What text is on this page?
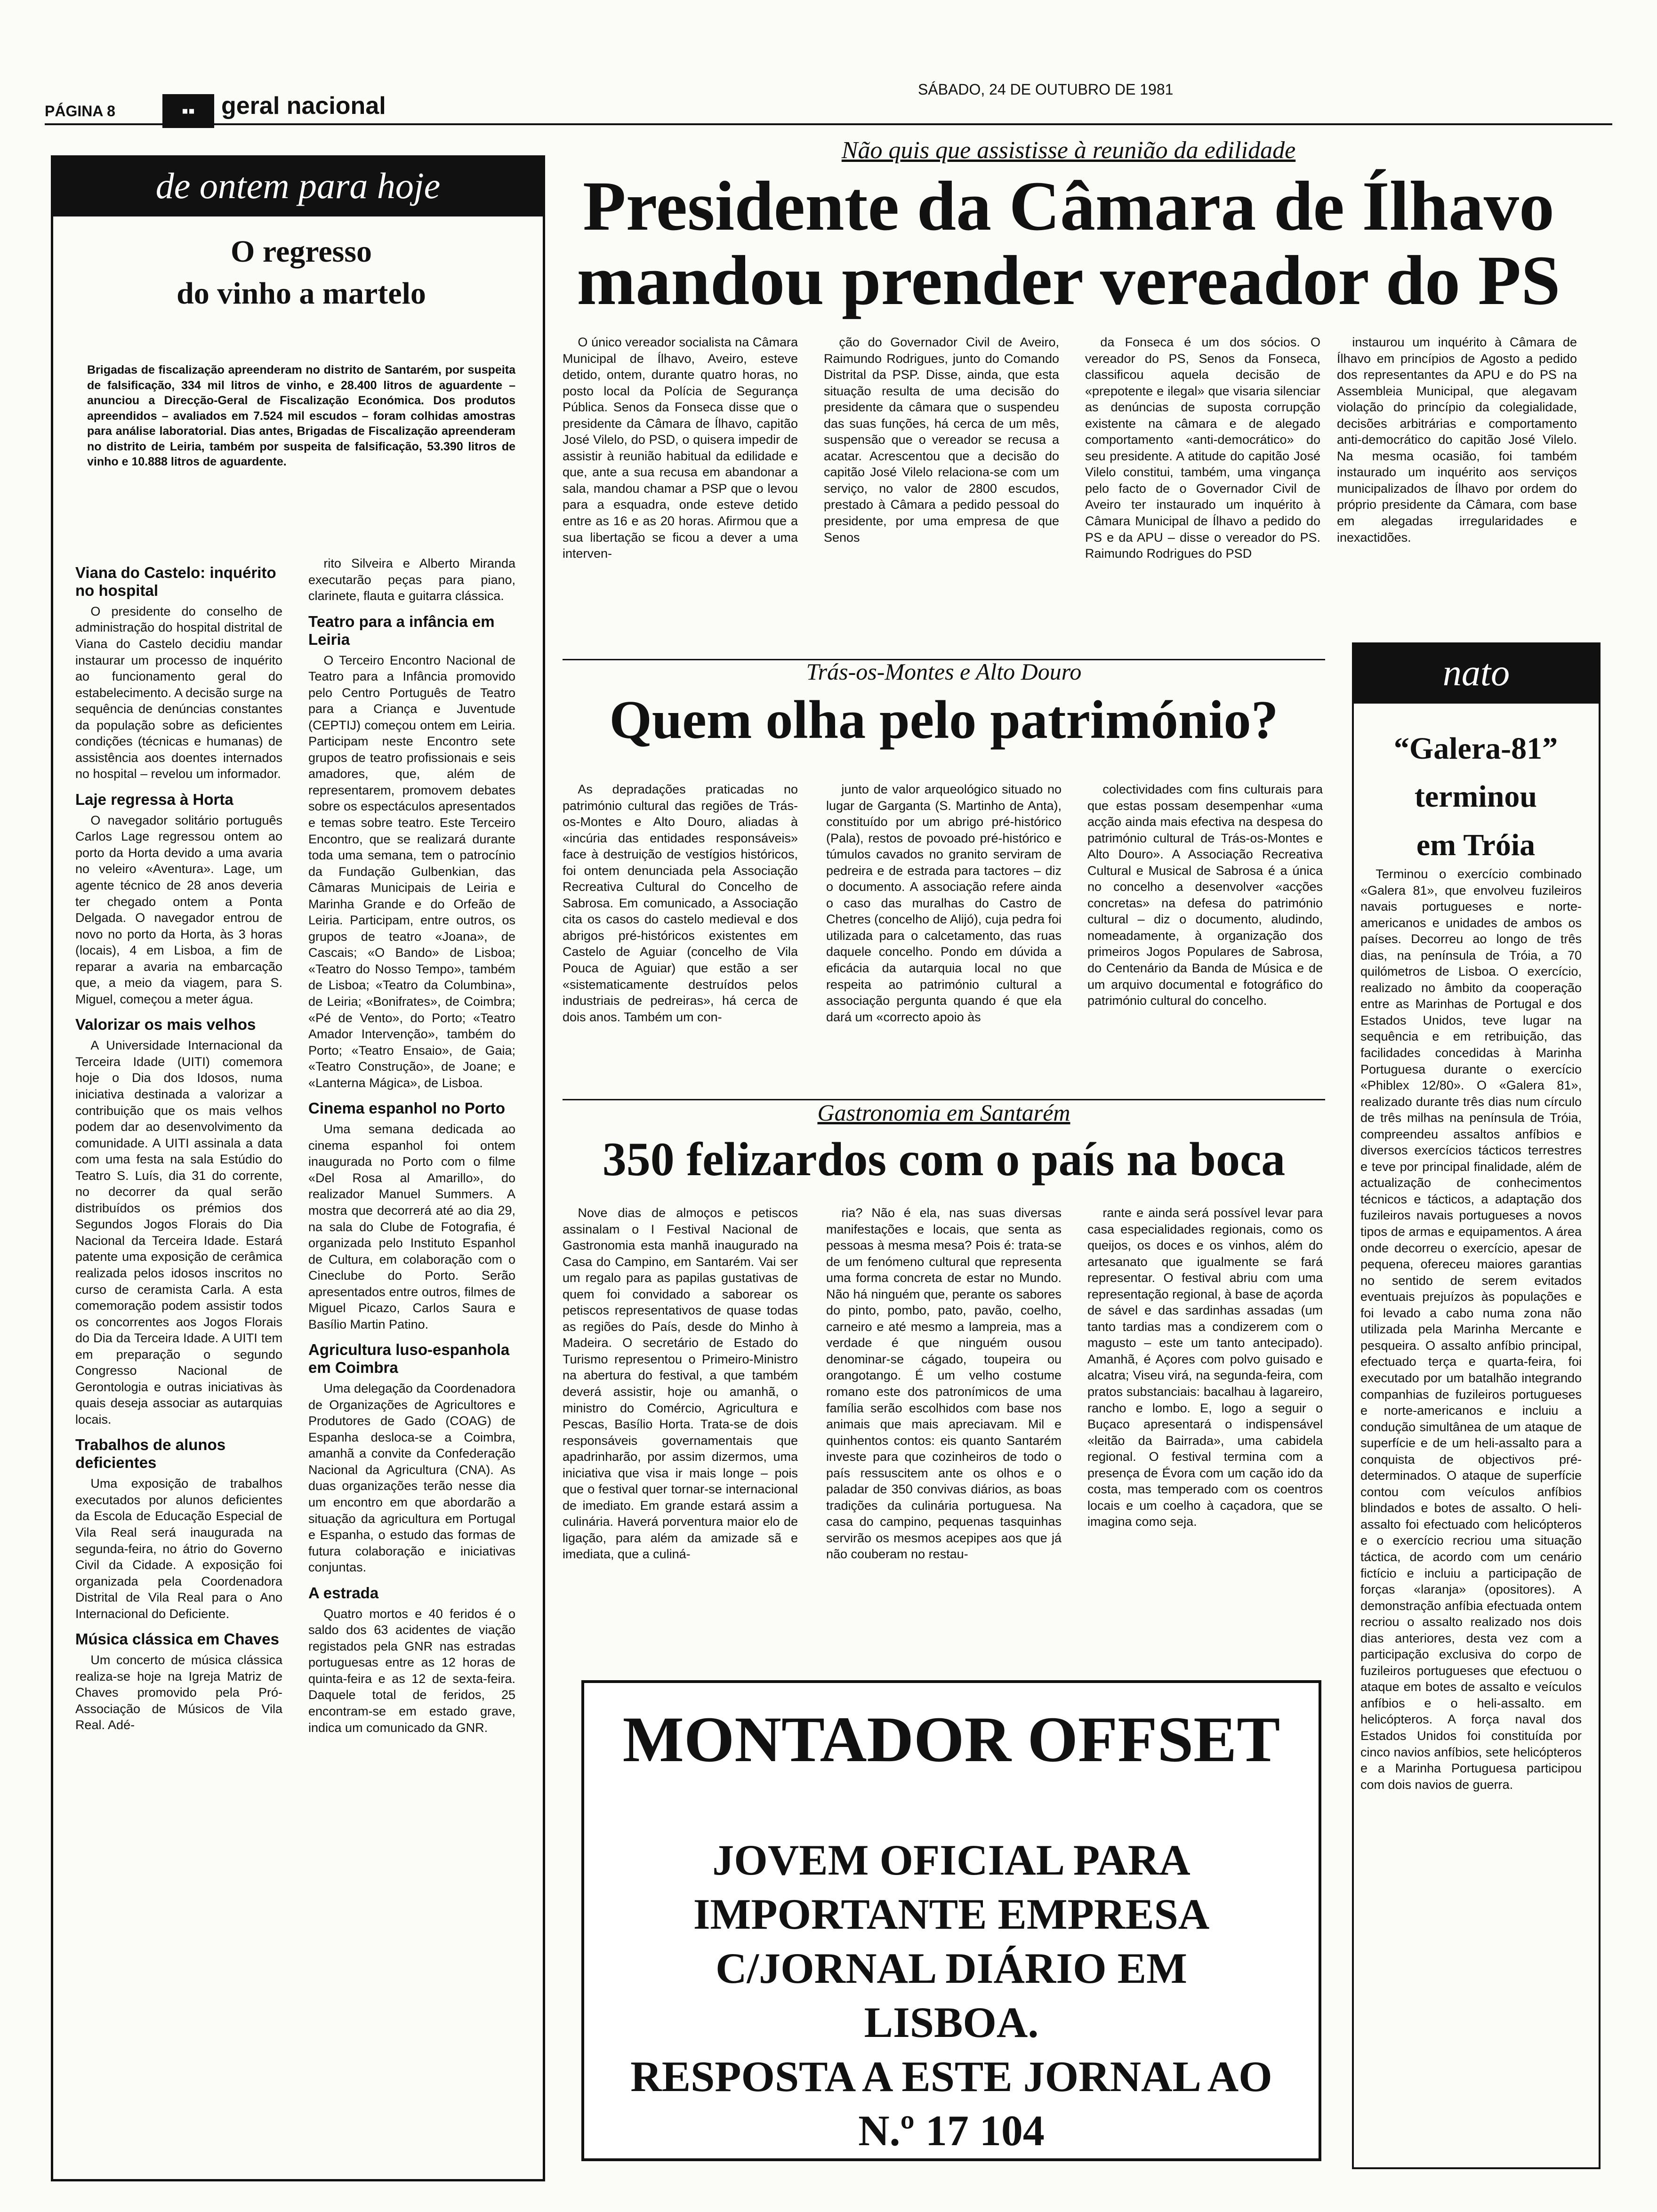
PÁGINA 8	▪▪	geral nacional
SÁBADO, 24 DE OUTUBRO DE 1981
de ontem para hoje
O regresso
do vinho a martelo

Brigadas de fiscalização apreenderam no distrito de Santarém, por suspeita de falsificação, 334 mil litros de vinho, e 28.400 litros de aguardente – anunciou a Direcção-Geral de Fiscalização Económica. Dos produtos apreendidos – avaliados em 7.524 mil escudos – foram colhidas amostras para análise laboratorial. Dias antes, Brigadas de Fiscalização apreenderam no distrito de Leiria, também por suspeita de falsificação, 53.390 litros de vinho e 10.888 litros de aguardente.

Viana do Castelo: inquérito no hospital

O presidente do conselho de administração do hospital distrital de Viana do Castelo decidiu mandar instaurar um processo de inquérito ao funcionamento geral do estabelecimento. A decisão surge na sequência de denúncias constantes da população sobre as deficientes condições (técnicas e humanas) de assistência aos doentes internados no hospital – revelou um informador.

Laje regressa à Horta

O navegador solitário português Carlos Lage regressou ontem ao porto da Horta devido a uma avaria no veleiro «Aventura». Lage, um agente técnico de 28 anos deveria ter chegado ontem a Ponta Delgada. O navegador entrou de novo no porto da Horta, às 3 horas (locais), 4 em Lisboa, a fim de reparar a avaria na embarcação que, a meio da viagem, para S. Miguel, começou a meter água.

Valorizar os mais velhos

A Universidade Internacional da Terceira Idade (UITI) comemora hoje o Dia dos Idosos, numa iniciativa destinada a valorizar a contribuição que os mais velhos podem dar ao desenvolvimento da comunidade. A UITI assinala a data com uma festa na sala Estúdio do Teatro S. Luís, dia 31 do corrente, no decorrer da qual serão distribuídos os prémios dos Segundos Jogos Florais do Dia Nacional da Terceira Idade. Estará patente uma exposição de cerâmica realizada pelos idosos inscritos no curso de ceramista Carla. A esta comemoração podem assistir todos os concorrentes aos Jogos Florais do Dia da Terceira Idade. A UITI tem em preparação o segundo Congresso Nacional de Gerontologia e outras iniciativas às quais deseja associar as autarquias locais.

Trabalhos de alunos deficientes

Uma exposição de trabalhos executados por alunos deficientes da Escola de Educação Especial de Vila Real será inaugurada na segunda-feira, no átrio do Governo Civil da Cidade. A exposição foi organizada pela Coordenadora Distrital de Vila Real para o Ano Internacional do Deficiente.

Música clássica em Chaves

Um concerto de música clássica realiza-se hoje na Igreja Matriz de Chaves promovido pela Pró-Associação de Músicos de Vila Real. Adé-

rito Silveira e Alberto Miranda executarão peças para piano, clarinete, flauta e guitarra clássica.

Teatro para a infância em Leiria

O Terceiro Encontro Nacional de Teatro para a Infância promovido pelo Centro Português de Teatro para a Criança e Juventude (CEPTIJ) começou ontem em Leiria. Participam neste Encontro sete grupos de teatro profissionais e seis amadores, que, além de representarem, promovem debates sobre os espectáculos apresentados e temas sobre teatro. Este Terceiro Encontro, que se realizará durante toda uma semana, tem o patrocínio da Fundação Gulbenkian, das Câmaras Municipais de Leiria e Marinha Grande e do Orfeão de Leiria. Participam, entre outros, os grupos de teatro «Joana», de Cascais; «O Bando» de Lisboa; «Teatro do Nosso Tempo», também de Lisboa; «Teatro da Columbina», de Leiria; «Bonifrates», de Coimbra; «Pé de Vento», do Porto; «Teatro Amador Intervenção», também do Porto; «Teatro Ensaio», de Gaia; «Teatro Construção», de Joane; e «Lanterna Mágica», de Lisboa.

Cinema espanhol no Porto

Uma semana dedicada ao cinema espanhol foi ontem inaugurada no Porto com o filme «Del Rosa al Amarillo», do realizador Manuel Summers. A mostra que decorrerá até ao dia 29, na sala do Clube de Fotografia, é organizada pelo Instituto Espanhol de Cultura, em colaboração com o Cineclube do Porto. Serão apresentados entre outros, filmes de Miguel Picazo, Carlos Saura e Basílio Martin Patino.

Agricultura luso-espanhola em Coimbra

Uma delegação da Coordenadora de Organizações de Agricultores e Produtores de Gado (COAG) de Espanha desloca-se a Coimbra, amanhã a convite da Confederação Nacional da Agricultura (CNA). As duas organizações terão nesse dia um encontro em que abordarão a situação da agricultura em Portugal e Espanha, o estudo das formas de futura colaboração e iniciativas conjuntas.

A estrada

Quatro mortos e 40 feridos é o saldo dos 63 acidentes de viação registados pela GNR nas estradas portuguesas entre as 12 horas de quinta-feira e as 12 de sexta-feira. Daquele total de feridos, 25 encontram-se em estado grave, indica um comunicado da GNR.

Não quis que assistisse à reunião da edilidade
Presidente da Câmara de Ílhavo
mandou prender vereador do PS

O único vereador socialista na Câmara Municipal de Ílhavo, Aveiro, esteve detido, ontem, durante quatro horas, no posto local da Polícia de Segurança Pública. Senos da Fonseca disse que o presidente da Câmara de Ílhavo, capitão José Vilelo, do PSD, o quisera impedir de assistir à reunião habitual da edilidade e que, ante a sua recusa em abandonar a sala, mandou chamar a PSP que o levou para a esquadra, onde esteve detido entre as 16 e as 20 horas. Afirmou que a sua libertação se ficou a dever a uma interven-

ção do Governador Civil de Aveiro, Raimundo Rodrigues, junto do Comando Distrital da PSP. Disse, ainda, que esta situação resulta de uma decisão do presidente da câmara que o suspendeu das suas funções, há cerca de um mês, suspensão que o vereador se recusa a acatar. Acrescentou que a decisão do capitão José Vilelo relaciona-se com um serviço, no valor de 2800 escudos, prestado à Câmara a pedido pessoal do presidente, por uma empresa de que Senos

da Fonseca é um dos sócios. O vereador do PS, Senos da Fonseca, classificou aquela decisão de «prepotente e ilegal» que visaria silenciar as denúncias de suposta corrupção existente na câmara e de alegado comportamento «anti-democrático» do seu presidente. A atitude do capitão José Vilelo constitui, também, uma vingança pelo facto de o Governador Civil de Aveiro ter instaurado um inquérito à Câmara Municipal de Ílhavo a pedido do PS e da APU – disse o vereador do PS. Raimundo Rodrigues do PSD

instaurou um inquérito à Câmara de Ílhavo em princípios de Agosto a pedido dos representantes da APU e do PS na Assembleia Municipal, que alegavam violação do princípio da colegialidade, decisões arbitrárias e comportamento anti-democrático do capitão José Vilelo. Na mesma ocasião, foi também instaurado um inquérito aos serviços municipalizados de Ílhavo por ordem do próprio presidente da Câmara, com base em alegadas irregularidades e inexactidões.

Trás-os-Montes e Alto Douro
Quem olha pelo património?

As depradações praticadas no património cultural das regiões de Trás-os-Montes e Alto Douro, aliadas à «incúria das entidades responsáveis» face à destruição de vestígios históricos, foi ontem denunciada pela Associação Recreativa Cultural do Concelho de Sabrosa. Em comunicado, a Associação cita os casos do castelo medieval e dos abrigos pré-históricos existentes em Castelo de Aguiar (concelho de Vila Pouca de Aguiar) que estão a ser «sistematicamente destruídos pelos industriais de pedreiras», há cerca de dois anos. Também um con-

junto de valor arqueológico situado no lugar de Garganta (S. Martinho de Anta), constituído por um abrigo pré-histórico (Pala), restos de povoado pré-histórico e túmulos cavados no granito serviram de pedreira e de estrada para tactores – diz o documento. A associação refere ainda o caso das muralhas do Castro de Chetres (concelho de Alijó), cuja pedra foi utilizada para o calcetamento, das ruas daquele concelho. Pondo em dúvida a eficácia da autarquia local no que respeita ao património cultural a associação pergunta quando é que ela dará um «correcto apoio às

colectividades com fins culturais para que estas possam desempenhar «uma acção ainda mais efectiva na despesa do património cultural de Trás-os-Montes e Alto Douro». A Associação Recreativa Cultural e Musical de Sabrosa é a única no concelho a desenvolver «acções concretas» na defesa do património cultural – diz o documento, aludindo, nomeadamente, à organização dos primeiros Jogos Populares de Sabrosa, do Centenário da Banda de Música e de um arquivo documental e fotográfico do património cultural do concelho.

Gastronomia em Santarém
350 felizardos com o país na boca

Nove dias de almoços e petiscos assinalam o I Festival Nacional de Gastronomia esta manhã inaugurado na Casa do Campino, em Santarém. Vai ser um regalo para as papilas gustativas de quem foi convidado a saborear os petiscos representativos de quase todas as regiões do País, desde do Minho à Madeira. O secretário de Estado do Turismo representou o Primeiro-Ministro na abertura do festival, a que também deverá assistir, hoje ou amanhã, o ministro do Comércio, Agricultura e Pescas, Basílio Horta. Trata-se de dois responsáveis governamentais que apadrinharão, por assim dizermos, uma iniciativa que visa ir mais longe – pois que o festival quer tornar-se internacional de imediato. Em grande estará assim a culinária. Haverá porventura maior elo de ligação, para além da amizade sã e imediata, que a culiná-

ria? Não é ela, nas suas diversas manifestações e locais, que senta as pessoas à mesma mesa? Pois é: trata-se de um fenómeno cultural que representa uma forma concreta de estar no Mundo. Não há ninguém que, perante os sabores do pinto, pombo, pato, pavão, coelho, carneiro e até mesmo a lampreia, mas a verdade é que ninguém ousou denominar-se cágado, toupeira ou orangotango. É um velho costume romano este dos patronímicos de uma família serão escolhidos com base nos animais que mais apreciavam. Mil e quinhentos contos: eis quanto Santarém investe para que cozinheiros de todo o país ressuscitem ante os olhos e o paladar de 350 convivas diários, as boas tradições da culinária portuguesa. Na casa do campino, pequenas tasquinhas servirão os mesmos acepipes aos que já não couberam no restau-

rante e ainda será possível levar para casa especialidades regionais, como os queijos, os doces e os vinhos, além do artesanato que igualmente se fará representar. O festival abriu com uma representação regional, à base de açorda de sável e das sardinhas assadas (um tanto tardias mas a condizerem com o magusto – este um tanto antecipado). Amanhã, é Açores com polvo guisado e alcatra; Viseu virá, na segunda-feira, com pratos substanciais: bacalhau à lagareiro, rancho e lombo. E, logo a seguir o Buçaco apresentará o indispensável «leitão da Bairrada», uma cabidela regional. O festival termina com a presença de Évora com um cação ido da costa, mas temperado com os coentros locais e um coelho à caçadora, que se imagina como seja.

MONTADOR OFFSET
JOVEM OFICIAL PARA
IMPORTANTE EMPRESA
C/JORNAL DIÁRIO EM
LISBOA.
RESPOSTA A ESTE JORNAL AO
N.º 17 104
nato
“Galera-81”
terminou
em Tróia

Terminou o exercício combinado «Galera 81», que envolveu fuzileiros navais portugueses e norte-americanos e unidades de ambos os países. Decorreu ao longo de três dias, na península de Tróia, a 70 quilómetros de Lisboa. O exercício, realizado no âmbito da cooperação entre as Marinhas de Portugal e dos Estados Unidos, teve lugar na sequência e em retribuição, das facilidades concedidas à Marinha Portuguesa durante o exercício «Phiblex 12/80». O «Galera 81», realizado durante três dias num círculo de três milhas na península de Tróia, compreendeu assaltos anfíbios e diversos exercícios tácticos terrestres e teve por principal finalidade, além de actualização de conhecimentos técnicos e tácticos, a adaptação dos fuzileiros navais portugueses a novos tipos de armas e equipamentos. A área onde decorreu o exercício, apesar de pequena, ofereceu maiores garantias no sentido de serem evitados eventuais prejuízos às populações e foi levado a cabo numa zona não utilizada pela Marinha Mercante e pesqueira. O assalto anfíbio principal, efectuado terça e quarta-feira, foi executado por um batalhão integrando companhias de fuzileiros portugueses e norte-americanos e incluiu a condução simultânea de um ataque de superfície e de um heli-assalto para a conquista de objectivos pré-determinados. O ataque de superfície contou com veículos anfíbios blindados e botes de assalto. O heli-assalto foi efectuado com helicópteros e o exercício recriou uma situação táctica, de acordo com um cenário fictício e incluiu a participação de forças «laranja» (opositores). A demonstração anfíbia efectuada ontem recriou o assalto realizado nos dois dias anteriores, desta vez com a participação exclusiva do corpo de fuzileiros portugueses que efectuou o ataque em botes de assalto e veículos anfíbios e o heli-assalto. em helicópteros. A força naval dos Estados Unidos foi constituída por cinco navios anfíbios, sete helicópteros e a Marinha Portuguesa participou com dois navios de guerra.
